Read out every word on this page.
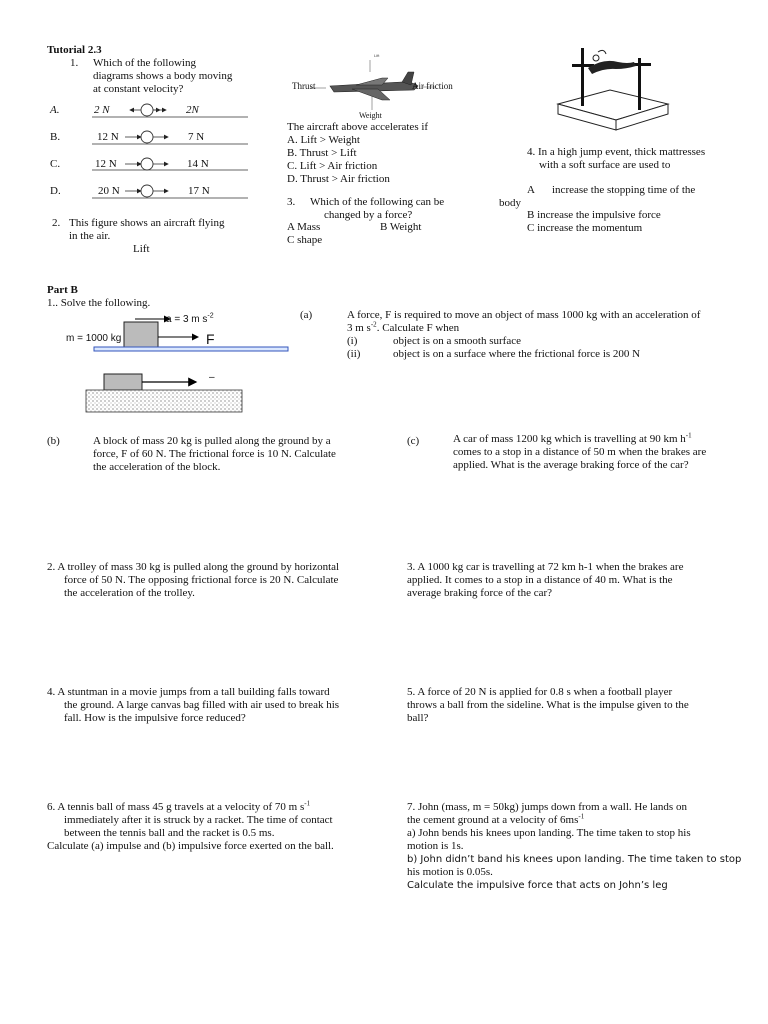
Tutorial 2.3
1. Which of the following
diagrams shows a body moving
at constant velocity?
A.	2 N	2N
B.	12 N	7 N
C.	12 N	14 N
D.	20 N	17 N
2. This figure shows an aircraft flying
in the air.
Lift
Lift
Thrust	Air friction
Weight
The aircraft above accelerates if
A. Lift > Weight
B. Thrust > Lift
C. Lift > Air friction
D. Thrust > Air friction
3. Which of the following can be
changed by a force?
A Mass	B Weight
C shape
4. In a high jump event, thick mattresses
with a soft surface are used to
A increase the stopping time of the
body
B increase the impulsive force
C increase the momentum
Part B
1.. Solve the following.
a = 3 m $s^{-2}$
m = 1000 kg	F
–
(a)	A force, F is required to move an object of mass 1000 kg with an acceleration of
3 m $s^{-2}$. Calculate F when
(i)	object is on a smooth surface
(ii)	object is on a surface where the frictional force is 200 N
(b)	A block of mass 20 kg is pulled along the ground by a
force, F of 60 N. The frictional force is 10 N. Calculate
the acceleration of the block.
(c)	A car of mass 1200 kg which is travelling at 90 km $h^{-1}$
comes to a stop in a distance of 50 m when the brakes are
applied. What is the average braking force of the car?
2. A trolley of mass 30 kg is pulled along the ground by horizontal
force of 50 N. The opposing frictional force is 20 N. Calculate
the acceleration of the trolley.
3. A 1000 kg car is travelling at 72 km h-1 when the brakes are
applied. It comes to a stop in a distance of 40 m. What is the
average braking force of the car?
4. A stuntman in a movie jumps from a tall building falls toward
the ground. A large canvas bag filled with air used to break his
fall. How is the impulsive force reduced?
5. A force of 20 N is applied for 0.8 s when a football player
throws a ball from the sideline. What is the impulse given to the
ball?
6. A tennis ball of mass 45 g travels at a velocity of 70 m $s^{-1}$
immediately after it is struck by a racket. The time of contact
between the tennis ball and the racket is 0.5 ms.
Calculate (a) impulse and (b) impulsive force exerted on the ball.
7. John (mass, m = 50kg) jumps down from a wall. He lands on
the cement ground at a velocity of $6ms^{-1}$
a) John bends his knees upon landing. The time taken to stop his
motion is 1s.
b) John didn’t band his knees upon landing. The time taken to stop
his motion is 0.05s.
Calculate the impulsive force that acts on John’s leg
